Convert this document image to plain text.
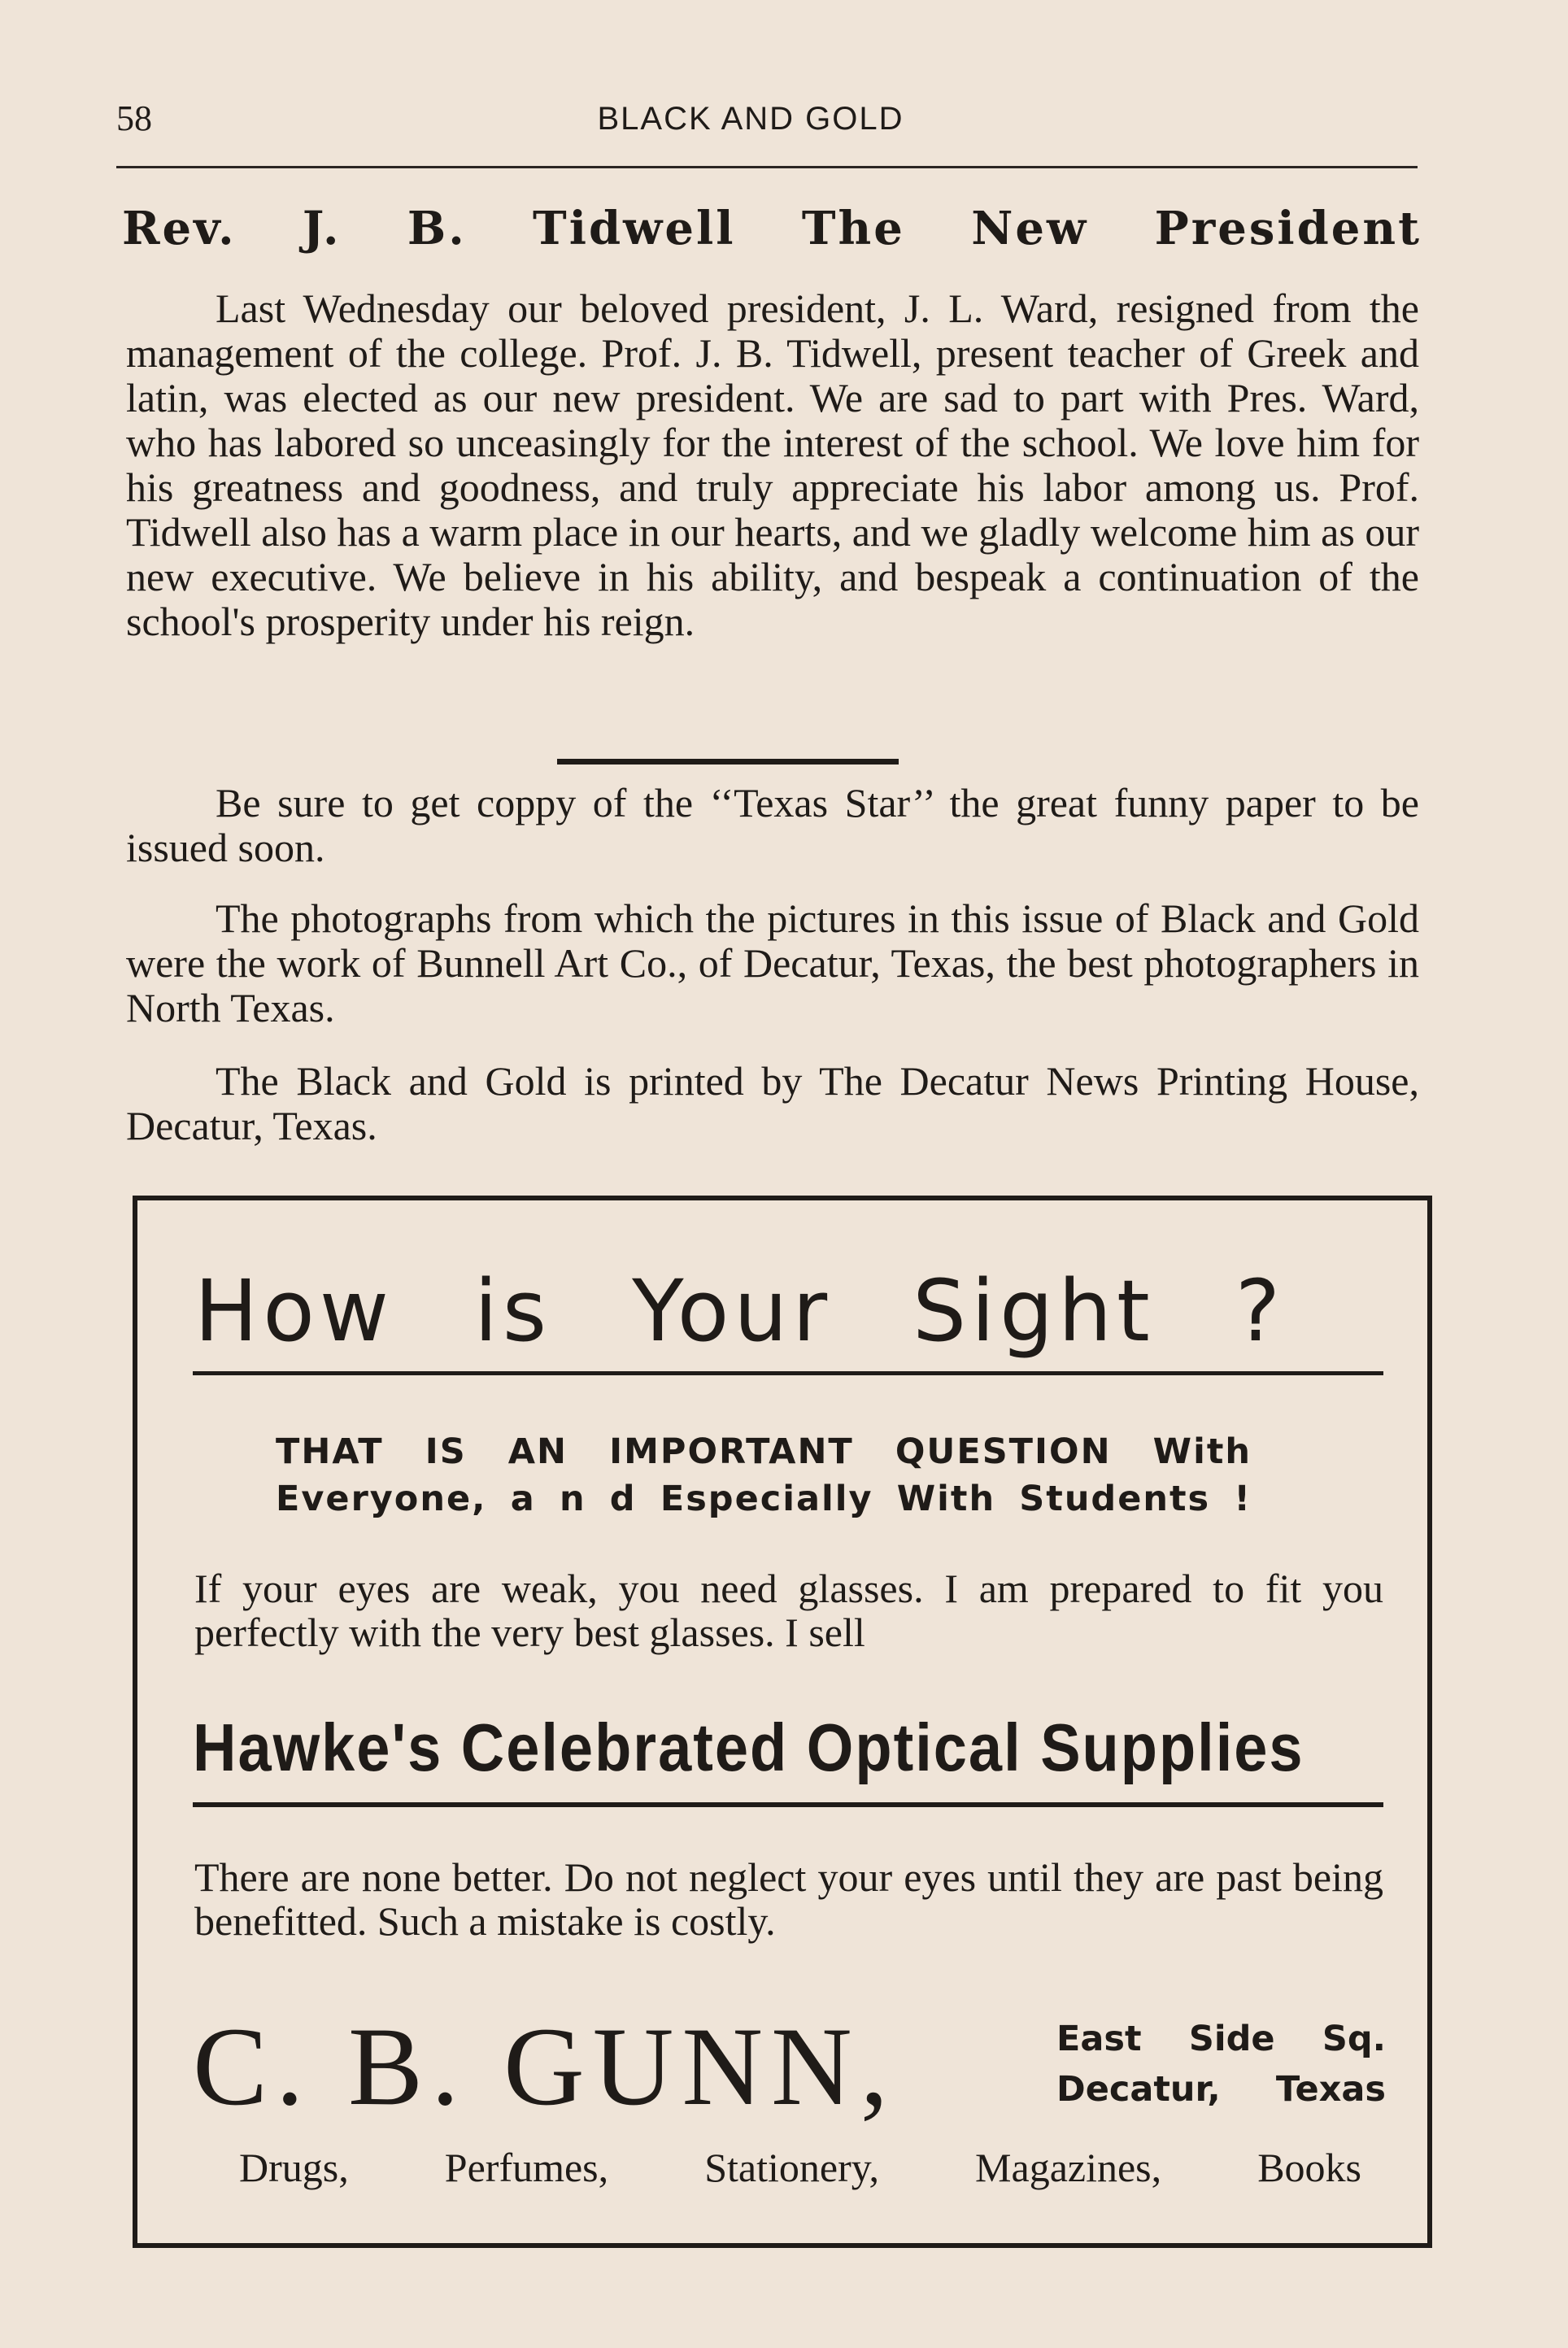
58	BLACK AND GOLD
Rev. J. B. Tidwell The New President

Last Wednesday our beloved president, J. L. Ward, resigned from the management of the college. Prof. J. B. Tidwell, present teacher of Greek and latin, was elected as our new president. We are sad to part with Pres. Ward, who has labored so unceasingly for the interest of the school. We love him for his greatness and goodness, and truly appreciate his labor among us. Prof. Tidwell also has a warm place in our hearts, and we gladly welcome him as our new executive. We believe in his ability, and bespeak a continuation of the school's prosperity under his reign.

Be sure to get coppy of the ‘‘Texas Star’’ the great funny paper to be issued soon.

The photographs from which the pictures in this issue of Black and Gold were the work of Bunnell Art Co., of Decatur, Texas, the best photographers in North Texas.

The Black and Gold is printed by The Decatur News Printing House, Decatur, Texas.

How is Your Sight ?
THAT IS AN IMPORTANT QUESTION With
Everyone, a n d Especially With Students !
If your eyes are weak, you need glasses. I am prepared to fit you perfectly with the very best glasses. I sell
Hawke's Celebrated Optical Supplies
There are none better. Do not neglect your eyes until they are past being benefitted. Such a mistake is costly.
C. B. GUNN,	East Side Sq.
Decatur, Texas
Drugs, Perfumes, Stationery, Magazines, Books
